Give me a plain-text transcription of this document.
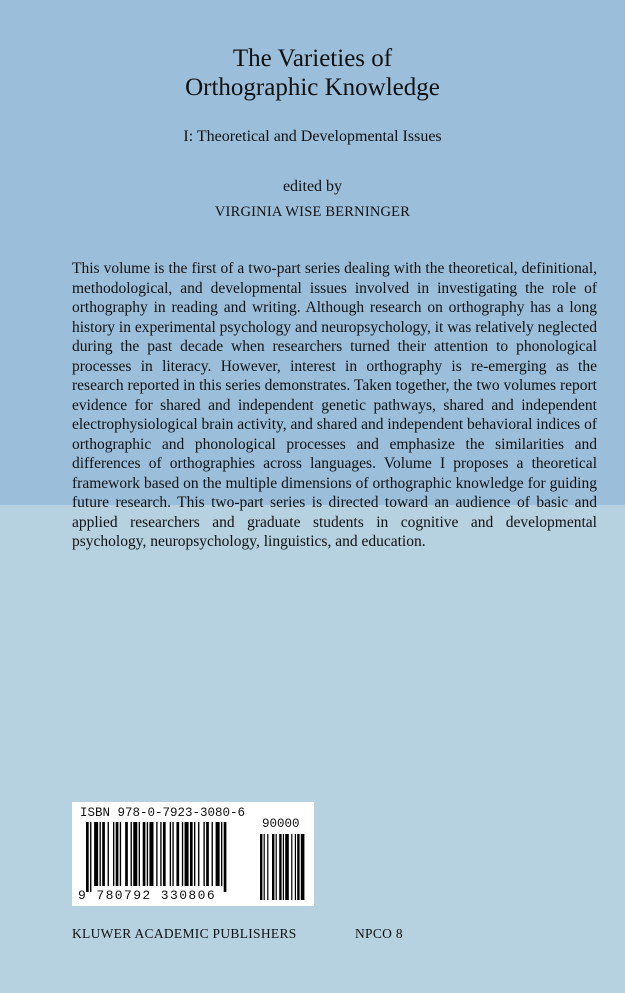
The Varieties of
Orthographic Knowledge

I: Theoretical and Developmental Issues

edited by
VIRGINIA WISE BERNINGER

This volume is the first of a two-part series dealing with the theoretical, definitional, methodological, and developmental issues involved in investigating the role of orthography in reading and writing. Although research on orthography has a long history in experimental psychology and neuropsychology, it was relatively neglected during the past decade when researchers turned their attention to phonological processes in literacy. However, interest in orthography is re-emerging as the research reported in this series demonstrates. Taken together, the two volumes report evidence for shared and independent genetic pathways, shared and independent electrophysiological brain activity, and shared and independent behavioral indices of orthographic and phonological processes and emphasize the similarities and differences of orthographies across languages. Volume I proposes a theoretical framework based on the multiple dimensions of orthographic knowledge for guiding future research. This two-part series is directed toward an audience of basic and applied researchers and graduate students in cognitive and developmental psychology, neuropsychology, linguistics, and education.

ISBN 978-0-7923-3080-6
90000
9 780792 330806
KLUWER ACADEMIC PUBLISHERS	NPCO 8
